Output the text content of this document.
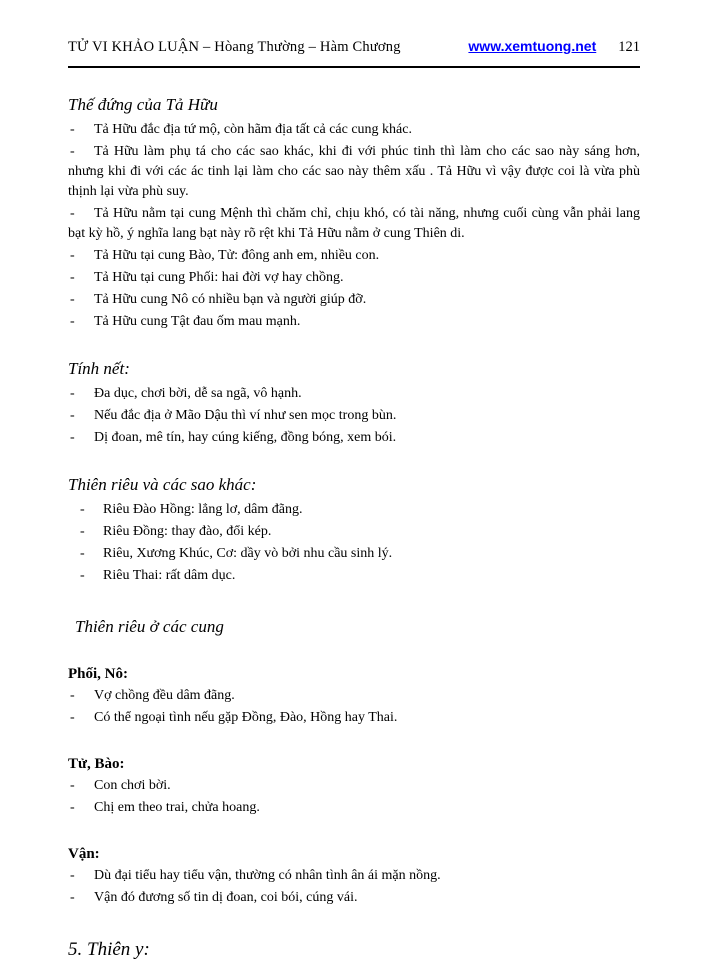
TỬ VI KHẢO LUẬN – Hòang Thường – Hàm Chương	www.xemtuong.net 121
Thế đứng của Tả Hữu

- Tả Hữu đắc địa tứ mộ, còn hãm địa tất cả các cung khác.

- Tả Hữu làm phụ tá cho các sao khác, khi đi với phúc tinh thì làm cho các sao này sáng hơn, nhưng khi đi với các ác tinh lại làm cho các sao này thêm xấu . Tả Hữu vì vậy được coi là vừa phù thịnh lại vừa phù suy.

- Tả Hữu nằm tại cung Mệnh thì chăm chỉ, chịu khó, có tài năng, nhưng cuối cùng vẫn phải lang bạt kỳ hồ, ý nghĩa lang bạt này rõ rệt khi Tả Hữu nằm ở cung Thiên di.

- Tả Hữu tại cung Bào, Tử: đông anh em, nhiều con.

- Tả Hữu tại cung Phối: hai đời vợ hay chồng.

- Tả Hữu cung Nô có nhiều bạn và người giúp đỡ.

- Tả Hữu cung Tật đau ốm mau mạnh.

Tính nết:

- Đa dục, chơi bời, dễ sa ngã, vô hạnh.

- Nếu đắc địa ở Mão Dậu thì ví như sen mọc trong bùn.

- Dị đoan, mê tín, hay cúng kiếng, đồng bóng, xem bói.

Thiên riêu và các sao khác:

- Riêu Đào Hồng: lẳng lơ, dâm đãng.

- Riêu Đồng: thay đào, đổi kép.

- Riêu, Xương Khúc, Cơ: dầy vò bởi nhu cầu sinh lý.

- Riêu Thai: rất dâm dục.

Thiên riêu ở các cung
Phối, Nô:

- Vợ chồng đều dâm đãng.

- Có thể ngoại tình nếu gặp Đồng, Đào, Hồng hay Thai.

Tử, Bào:

- Con chơi bời.

- Chị em theo trai, chửa hoang.

Vận:

- Dù đại tiểu hay tiểu vận, thường có nhân tình ân ái mặn nồng.

- Vận đó đương số tin dị đoan, coi bói, cúng vái.

5. Thiên y:
